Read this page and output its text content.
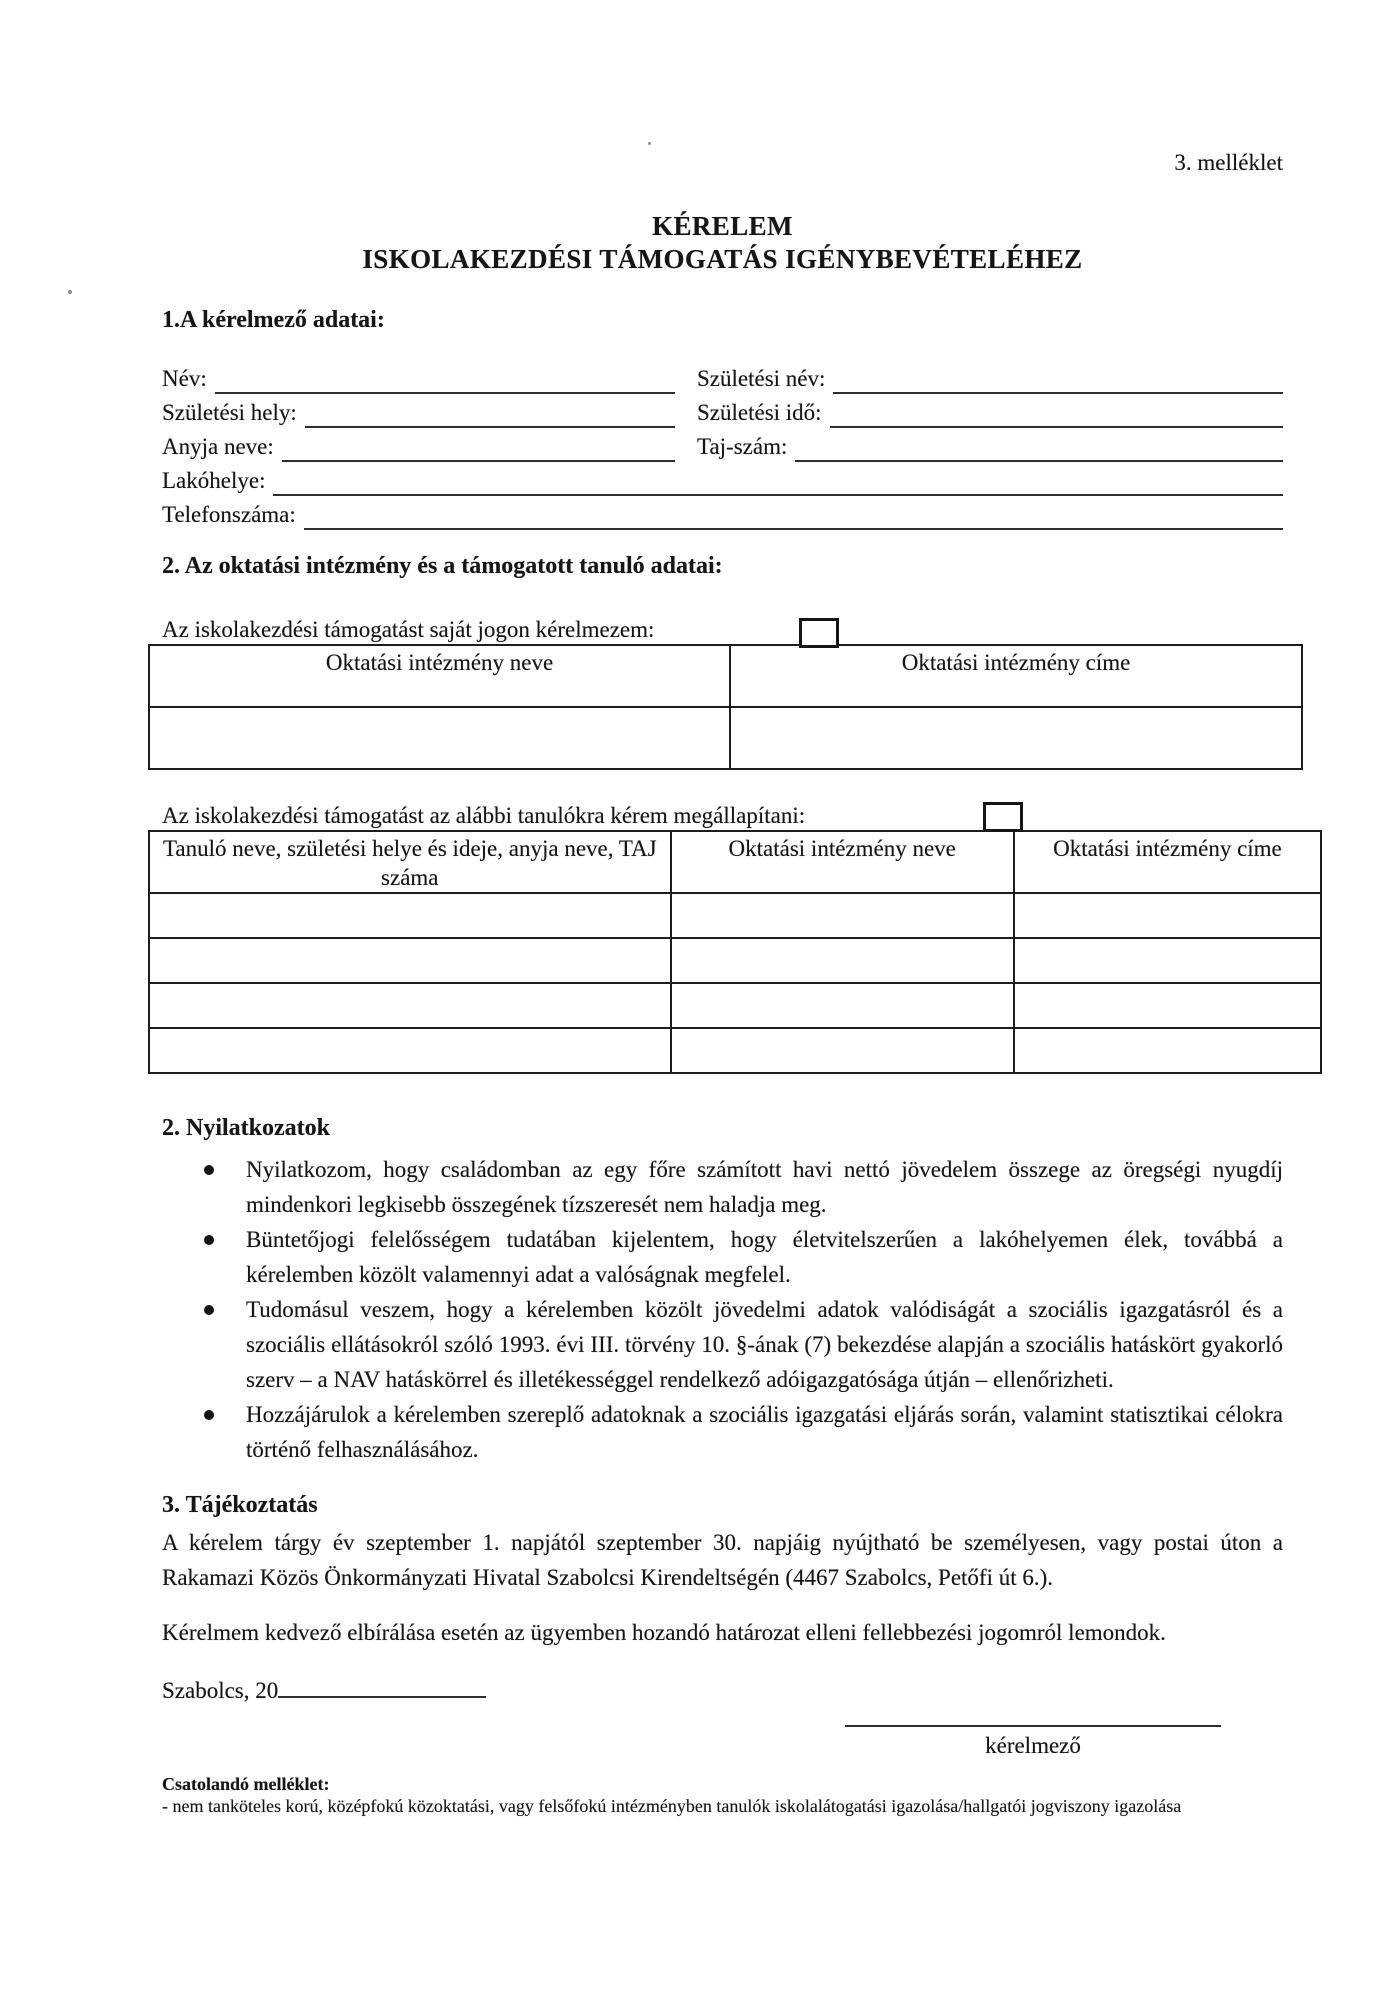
3. melléklet
KÉRELEM
ISKOLAKEZDÉSI TÁMOGATÁS IGÉNYBEVÉTELÉHEZ
1.A kérelmező adatai:
Név:	Születési név:
Születési hely:	Születési idő:
Anyja neve:	Taj-szám:
Lakóhelye:
Telefonszáma:
2. Az oktatási intézmény és a támogatott tanuló adatai:
Az iskolakezdési támogatást saját jogon kérelmezem:
Oktatási intézmény neve	Oktatási intézmény címe

Az iskolakezdési támogatást az alábbi tanulókra kérem megállapítani:
Tanuló neve, születési helye és ideje, anyja neve, TAJ száma	Oktatási intézmény neve	Oktatási intézmény címe

2. Nyilatkozatok
Nyilatkozom, hogy családomban az egy főre számított havi nettó jövedelem összege az öregségi nyugdíj mindenkori legkisebb összegének tízszeresét nem haladja meg.
Büntetőjogi felelősségem tudatában kijelentem, hogy életvitelszerűen a lakóhelyemen élek, továbbá a kérelemben közölt valamennyi adat a valóságnak megfelel.
Tudomásul veszem, hogy a kérelemben közölt jövedelmi adatok valódiságát a szociális igazgatásról és a szociális ellátásokról szóló 1993. évi III. törvény 10. §-ának (7) bekezdése alapján a szociális hatáskört gyakorló szerv – a NAV hatáskörrel és illetékességgel rendelkező adóigazgatósága útján – ellenőrizheti.
Hozzájárulok a kérelemben szereplő adatoknak a szociális igazgatási eljárás során, valamint statisztikai célokra történő felhasználásához.
3. Tájékoztatás
A kérelem tárgy év szeptember 1. napjától szeptember 30. napjáig nyújtható be személyesen, vagy postai úton a Rakamazi Közös Önkormányzati Hivatal Szabolcsi Kirendeltségén (4467 Szabolcs, Petőfi út 6.).
Kérelmem kedvező elbírálása esetén az ügyemben hozandó határozat elleni fellebbezési jogomról lemondok.
Szabolcs, 20
kérelmező
Csatolandó melléklet:
- nem tanköteles korú, középfokú közoktatási, vagy felsőfokú intézményben tanulók iskolalátogatási igazolása/hallgatói jogviszony igazolása
